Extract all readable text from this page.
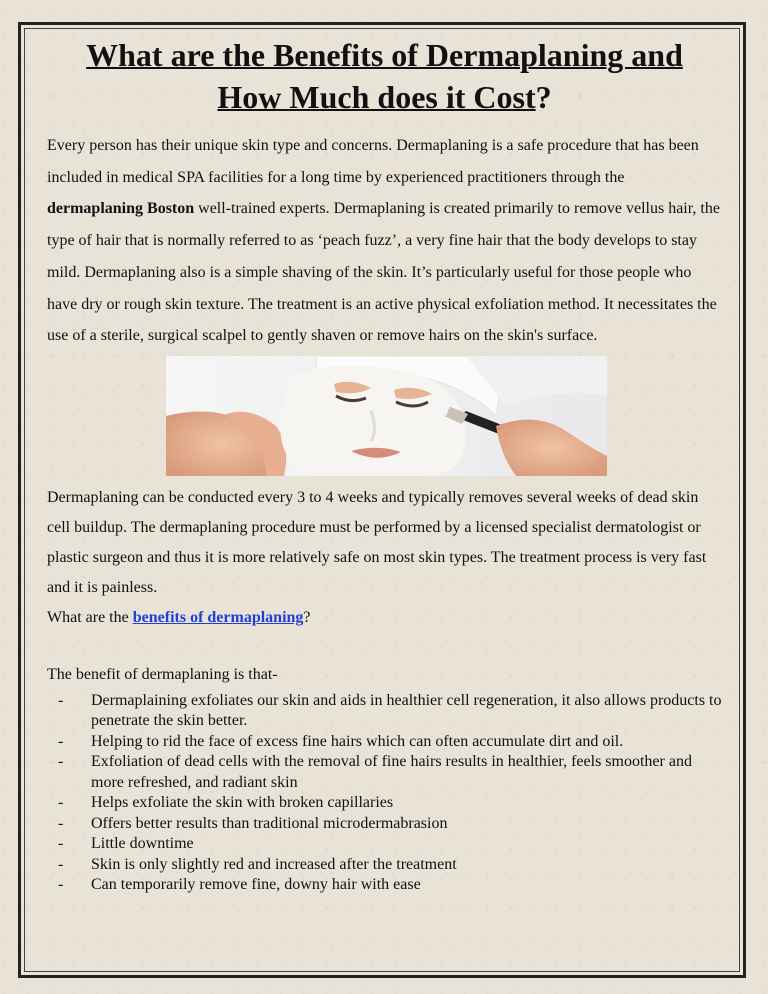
What are the Benefits of Dermaplaning and
How Much does it Cost?

Every person has their unique skin type and concerns. Dermaplaning is a safe procedure that has been included in medical SPA facilities for a long time by experienced practitioners through the dermaplaning Boston well-trained experts. Dermaplaning is created primarily to remove vellus hair, the type of hair that is normally referred to as ‘peach fuzz’, a very fine hair that the body develops to stay mild. Dermaplaning also is a simple shaving of the skin. It’s particularly useful for those people who have dry or rough skin texture. The treatment is an active physical exfoliation method. It necessitates the use of a sterile, surgical scalpel to gently shaven or remove hairs on the skin's surface.

Dermaplaning can be conducted every 3 to 4 weeks and typically removes several weeks of dead skin cell buildup. The dermaplaning procedure must be performed by a licensed specialist dermatologist or plastic surgeon and thus it is more relatively safe on most skin types. The treatment process is very fast and it is painless.

What are the benefits of dermaplaning?

The benefit of dermaplaning is that-

- Dermaplaining exfoliates our skin and aids in healthier cell regeneration, it also allows products to penetrate the skin better.
- Helping to rid the face of excess fine hairs which can often accumulate dirt and oil.
- Exfoliation of dead cells with the removal of fine hairs results in healthier, feels smoother and more refreshed, and radiant skin
- Helps exfoliate the skin with broken capillaries
- Offers better results than traditional microdermabrasion
- Little downtime
- Skin is only slightly red and increased after the treatment
- Can temporarily remove fine, downy hair with ease
